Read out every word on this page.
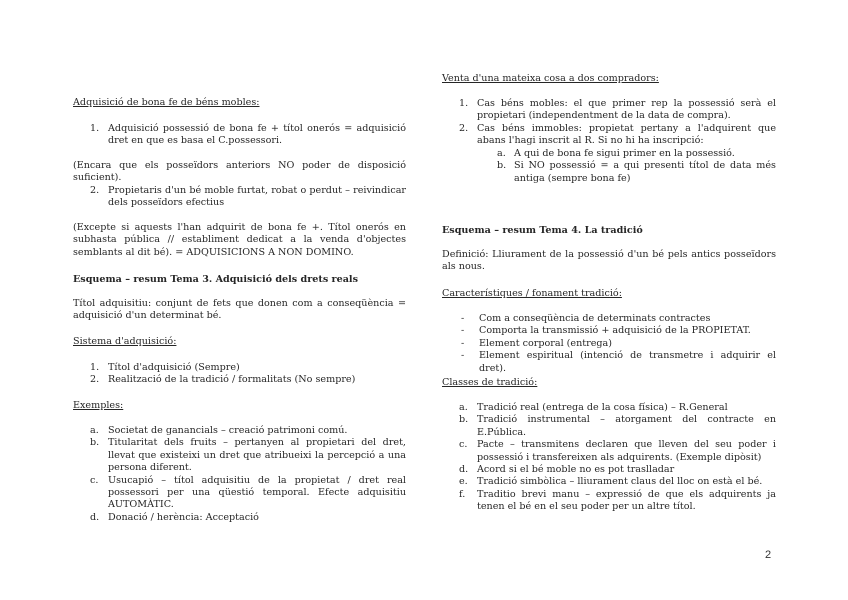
Adquisició de bona fe de béns mobles:

1. Adquisició possessió de bona fe + títol onerós = adquisició dret en que es basa el C.possessori.

(Encara que els posseïdors anteriors NO poder de disposició suficient).

2. Propietaris d'un bé moble furtat, robat o perdut – reivindicar dels posseïdors efectius

(Excepte si aquests l'han adquirit de bona fe +. Títol onerós en subhasta pública // establiment dedicat a la venda d'objectes semblants al dit bé). = ADQUISICIONS A NON DOMINO.

Esquema – resum Tema 3. Adquisició dels drets reals

Títol adquisitiu: conjunt de fets que donen com a conseqüència = adquisició d'un determinat bé.

Sistema d'adquisició:

1. Títol d'adquisició (Sempre)
2. Realització de la tradició / formalitats (No sempre)

Exemples:

a. Societat de ganancials – creació patrimoni comú.
b. Titularitat dels fruits – pertanyen al propietari del dret, llevat que existeixi un dret que atribueixi la percepció a una persona diferent.
c. Usucapió – títol adquisitiu de la propietat / dret real possessori per una qüestió temporal. Efecte adquisitiu AUTOMÀTIC.
d. Donació / herència: Acceptació

Venta d'una mateixa cosa a dos compradors:

1. Cas béns mobles: el que primer rep la possessió serà el propietari (independentment de la data de compra).
2. Cas béns immobles: propietat pertany a l'adquirent que abans l'hagi inscrit al R. Si no hi ha inscripció:
a. A qui de bona fe sigui primer en la possessió.
b. Si NO possessió = a qui presenti títol de data més antiga (sempre bona fe)

Esquema – resum Tema 4. La tradició

Definició: Lliurament de la possessió d'un bé pels antics posseïdors als nous.

Característiques / fonament tradició:

- Com a conseqüència de determinats contractes
- Comporta la transmissió + adquisició de la PROPIETAT.
- Element corporal (entrega)
- Element espiritual (intenció de transmetre i adquirir el dret).

Classes de tradició:

a. Tradició real (entrega de la cosa física) – R.General
b. Tradició instrumental – atorgament del contracte en E.Pública.
c. Pacte – transmitens declaren que lleven del seu poder i possessió i transfereixen als adquirents. (Exemple dipòsit)
d. Acord si el bé moble no es pot traslladar
e. Tradició simbòlica – lliurament claus del lloc on està el bé.
f. Traditio brevi manu – expressió de que els adquirents ja tenen el bé en el seu poder per un altre títol.
2
